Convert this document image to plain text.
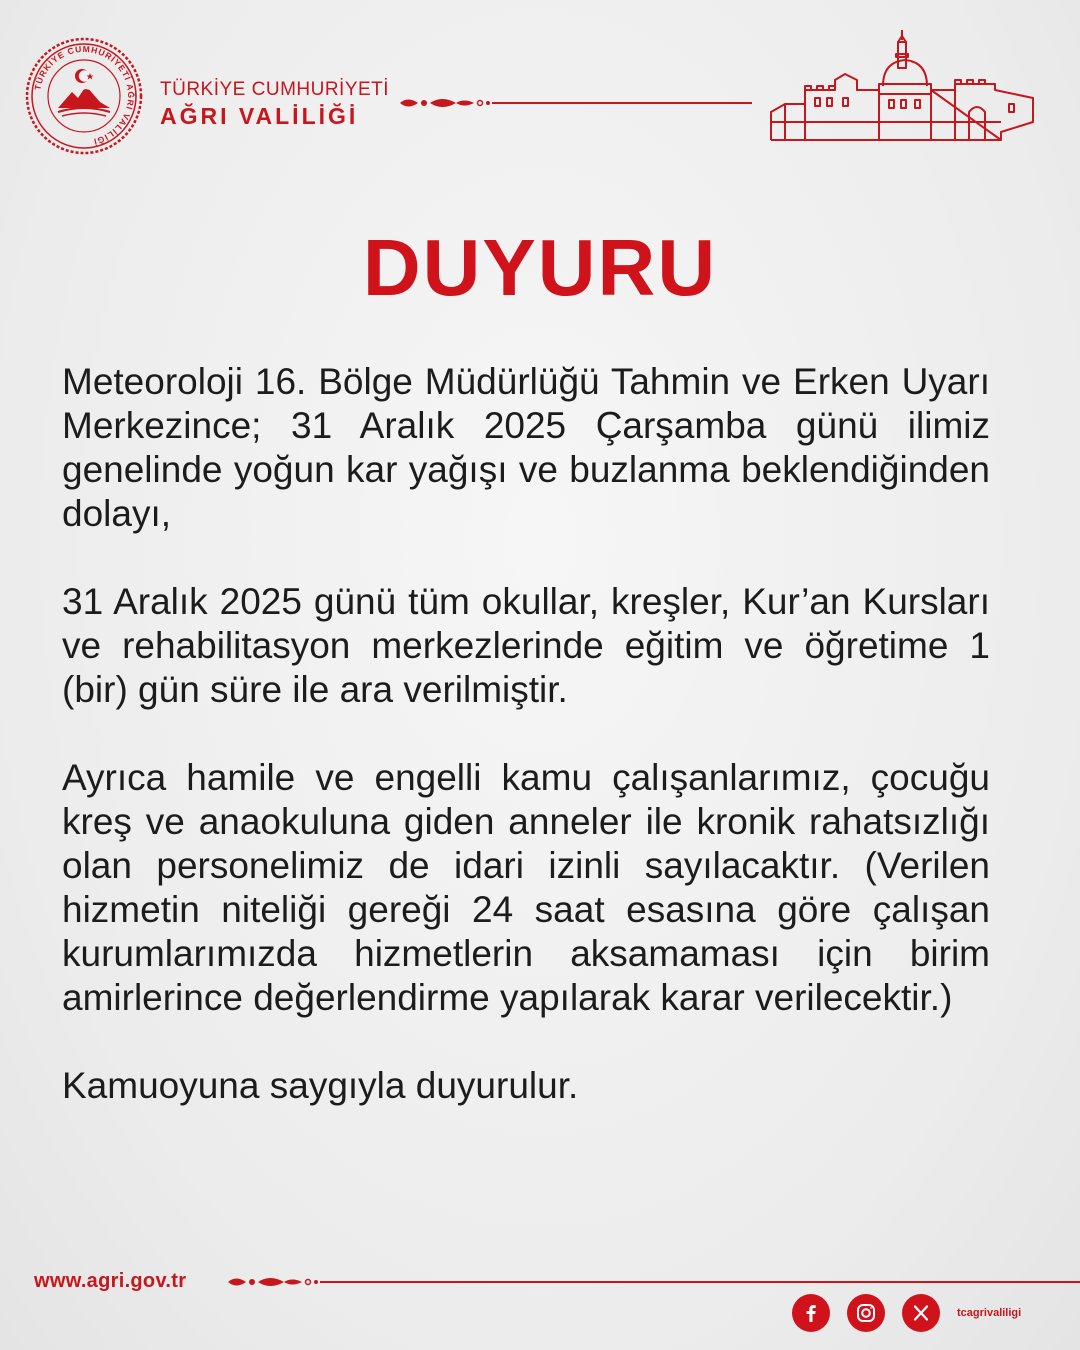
TÜRKİYE CUMHURİYETİ AĞRI VALİLİĞİ
TÜRKİYE CUMHURİYETİ
AĞRI VALİLİĞİ
DUYURU

Meteoroloji 16. Bölge Müdürlüğü Tahmin ve Erken Uyarı Merkezince; 31 Aralık 2025 Çarşamba günü ilimiz genelinde yoğun kar yağışı ve buzlanma beklendiğinden dolayı,

31 Aralık 2025 günü tüm okullar, kreşler, Kur’an Kursları ve rehabilitasyon merkezlerinde eğitim ve öğretime 1 (bir) gün süre ile ara verilmiştir.

Ayrıca hamile ve engelli kamu çalışanlarımız, çocuğu kreş ve anaokuluna giden anneler ile kronik rahatsızlığı olan personelimiz de idari izinli sayılacaktır. (Verilen hizmetin niteliği gereği 24 saat esasına göre çalışan kurumlarımızda hizmetlerin aksamaması için birim amirlerince değerlendirme yapılarak karar verilecektir.)

Kamuoyuna saygıyla duyurulur.

www.agri.gov.tr
tcagrivaliligi
